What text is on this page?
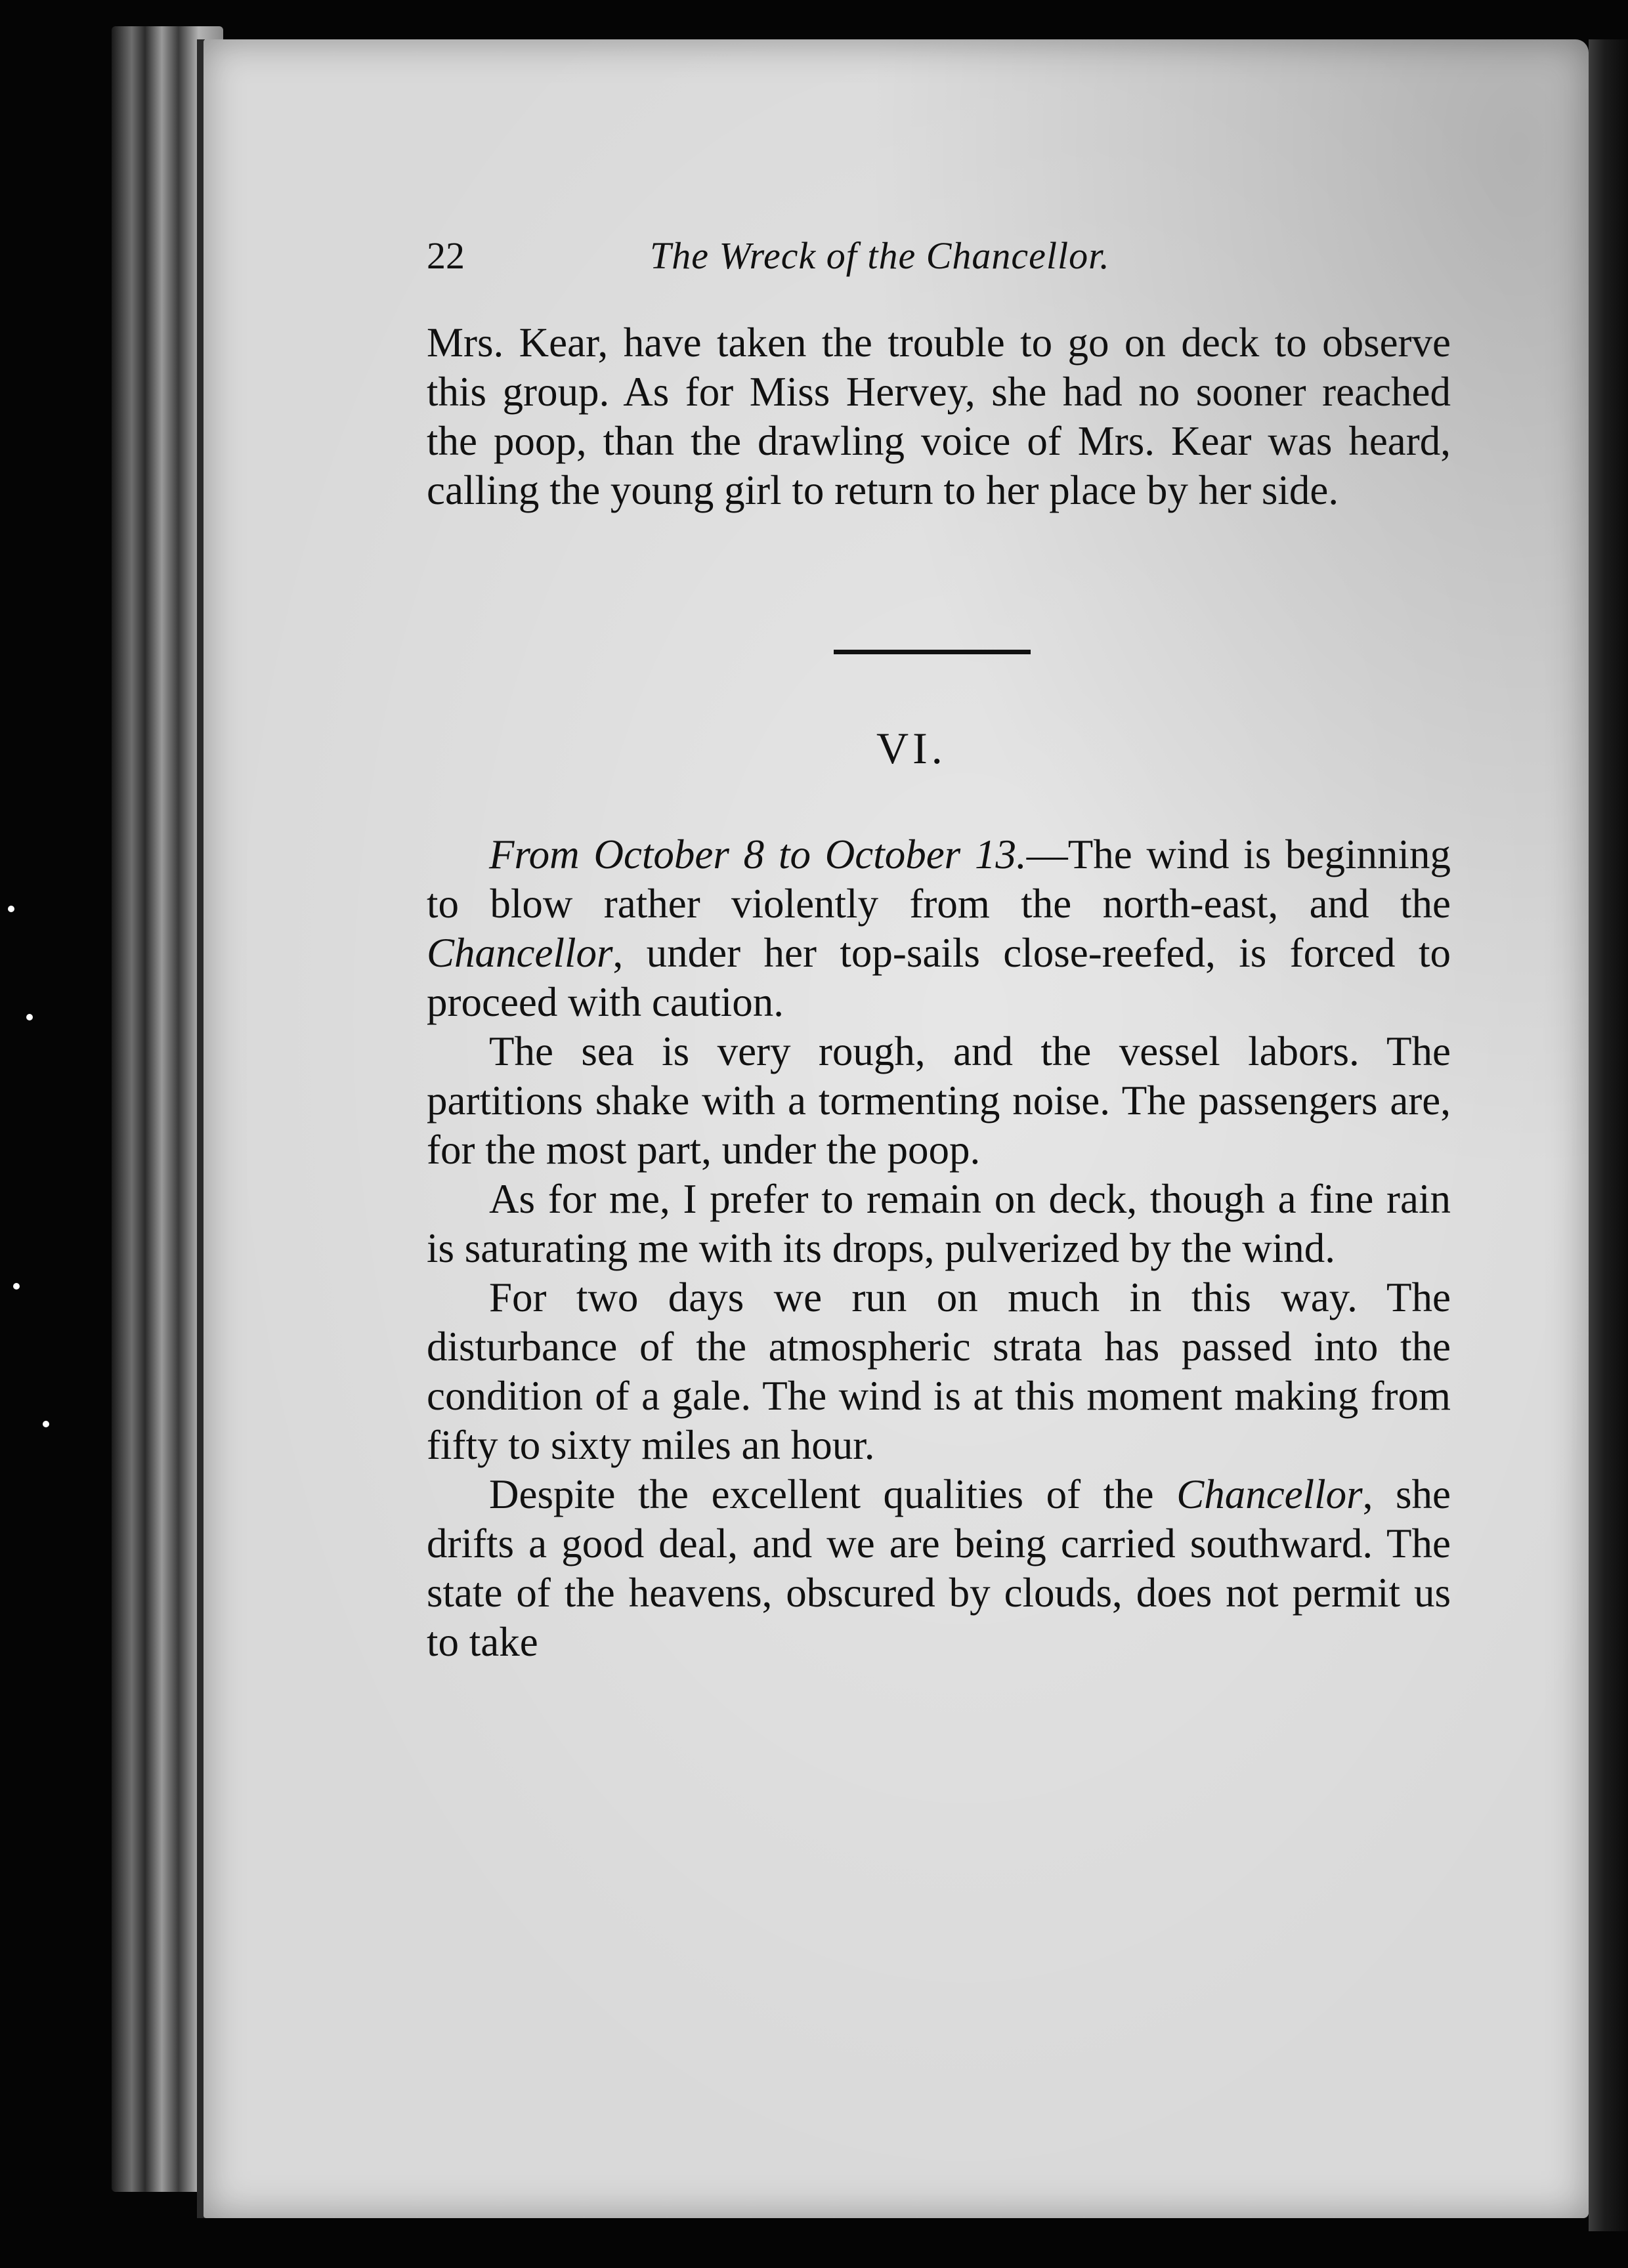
22	The Wreck of the Chancellor.

Mrs. Kear, have taken the trouble to go on deck to observe this group. As for Miss Hervey, she had no sooner reached the poop, than the drawling voice of Mrs. Kear was heard, calling the young girl to return to her place by her side.

VI.

From October 8 to October 13.—The wind is beginning to blow rather violently from the north-east, and the Chancellor, under her top-sails close-reefed, is forced to proceed with caution.

The sea is very rough, and the vessel labors. The partitions shake with a tormenting noise. The passengers are, for the most part, under the poop.

As for me, I prefer to remain on deck, though a fine rain is saturating me with its drops, pulverized by the wind.

For two days we run on much in this way. The disturbance of the atmospheric strata has passed into the condition of a gale. The wind is at this moment making from fifty to sixty miles an hour.

Despite the excellent qualities of the Chancellor, she drifts a good deal, and we are being carried southward. The state of the heavens, obscured by clouds, does not permit us to take
